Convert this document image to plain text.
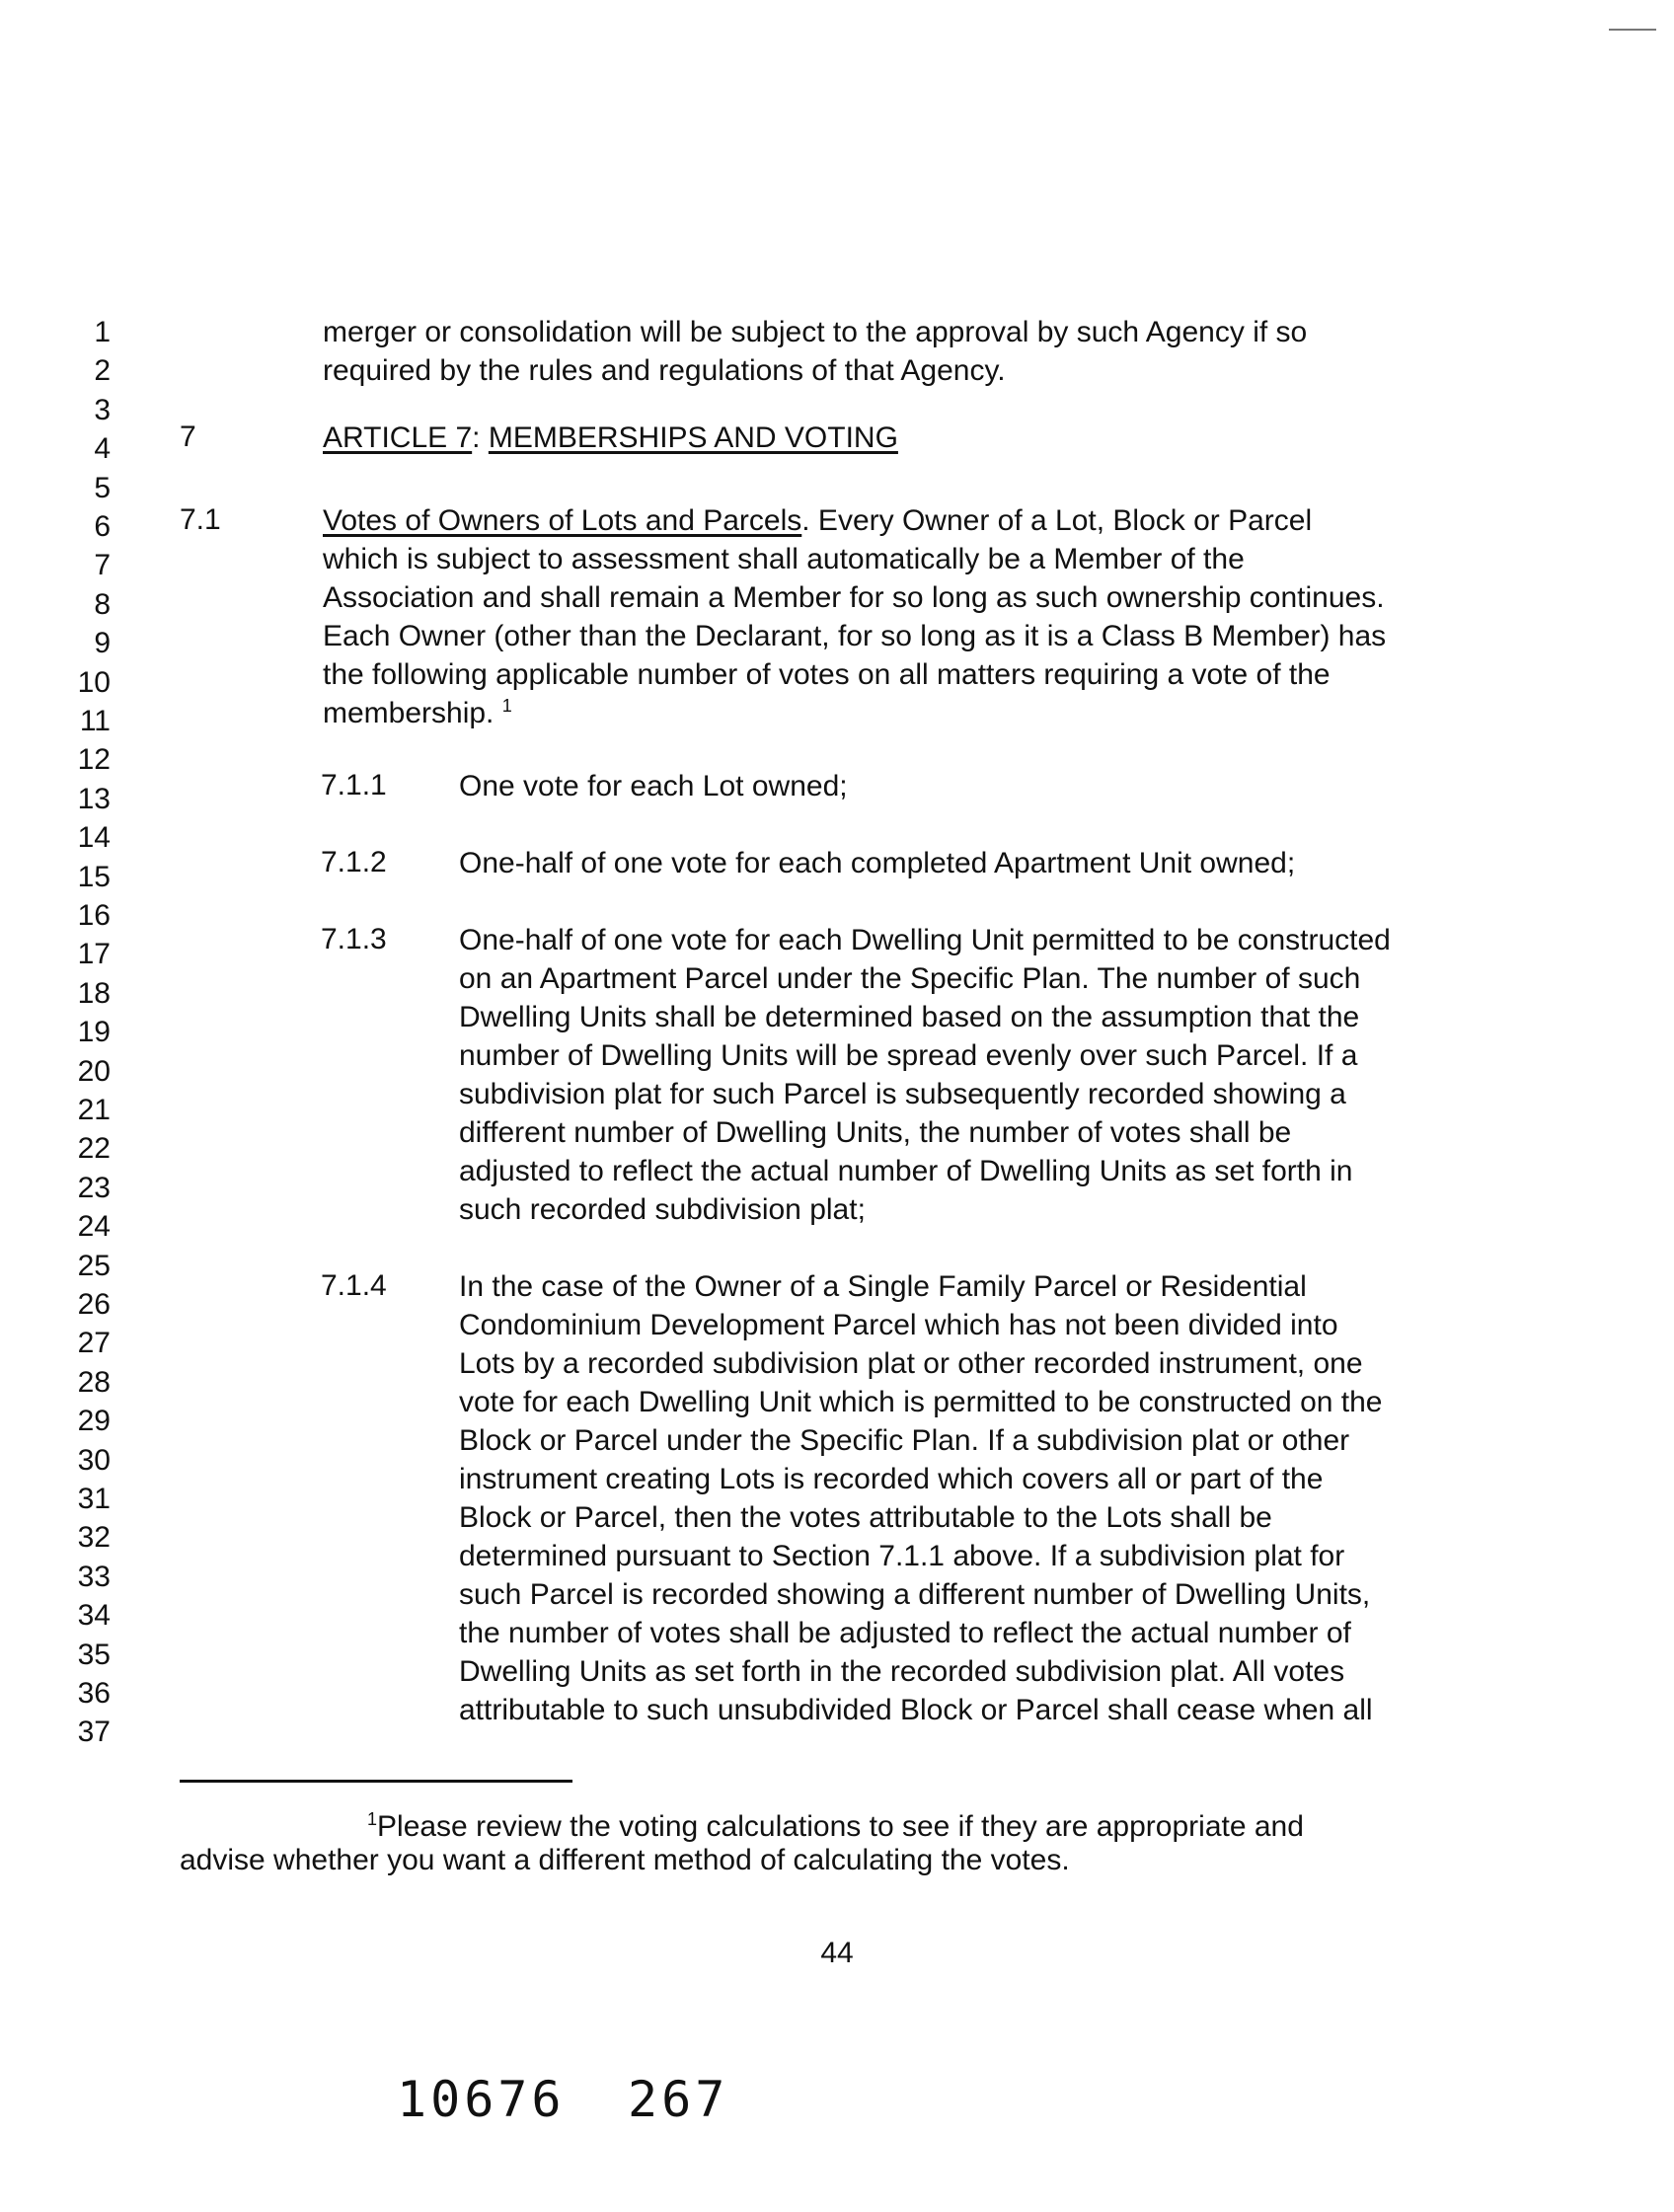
1
2
3
4
5
6
7
8
9
10
11
12
13
14
15
16
17
18
19
20
21
22
23
24
25
26
27
28
29
30
31
32
33
34
35
36
37
merger or consolidation will be subject to the approval by such Agency if so
required by the rules and regulations of that Agency.
7	ARTICLE 7: MEMBERSHIPS AND VOTING
7.1	Votes of Owners of Lots and Parcels. Every Owner of a Lot, Block or Parcel
which is subject to assessment shall automatically be a Member of the
Association and shall remain a Member for so long as such ownership continues.
Each Owner (other than the Declarant, for so long as it is a Class B Member) has
the following applicable number of votes on all matters requiring a vote of the
membership. $^1$
7.1.1 One vote for each Lot owned;
7.1.2 One-half of one vote for each completed Apartment Unit owned;
7.1.3 One-half of one vote for each Dwelling Unit permitted to be constructed
on an Apartment Parcel under the Specific Plan. The number of such
Dwelling Units shall be determined based on the assumption that the
number of Dwelling Units will be spread evenly over such Parcel. If a
subdivision plat for such Parcel is subsequently recorded showing a
different number of Dwelling Units, the number of votes shall be
adjusted to reflect the actual number of Dwelling Units as set forth in
such recorded subdivision plat;
7.1.4 In the case of the Owner of a Single Family Parcel or Residential
Condominium Development Parcel which has not been divided into
Lots by a recorded subdivision plat or other recorded instrument, one
vote for each Dwelling Unit which is permitted to be constructed on the
Block or Parcel under the Specific Plan. If a subdivision plat or other
instrument creating Lots is recorded which covers all or part of the
Block or Parcel, then the votes attributable to the Lots shall be
determined pursuant to Section 7.1.1 above. If a subdivision plat for
such Parcel is recorded showing a different number of Dwelling Units,
the number of votes shall be adjusted to reflect the actual number of
Dwelling Units as set forth in the recorded subdivision plat. All votes
attributable to such unsubdivided Block or Parcel shall cease when all
$^1$Please review the voting calculations to see if they are appropriate and
advise whether you want a different method of calculating the votes.
44
10676 267
